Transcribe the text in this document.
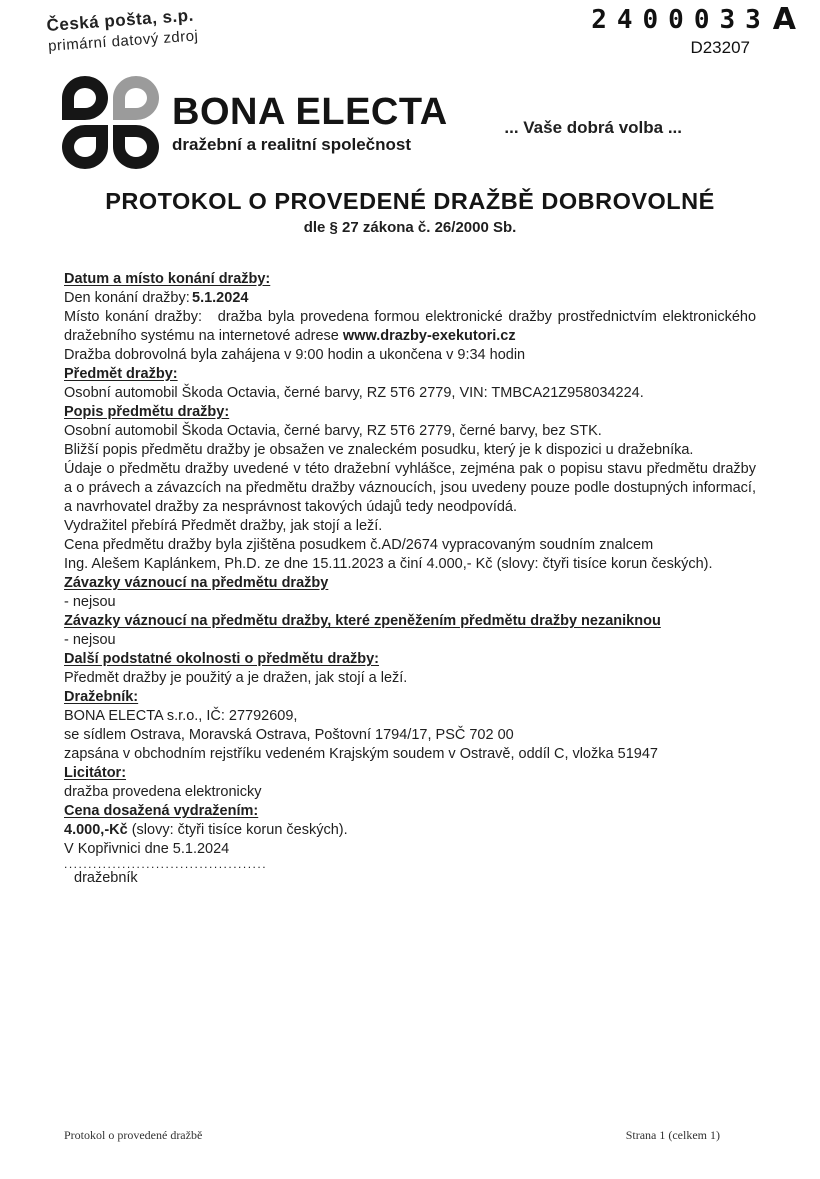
Česká pošta, s.p.
primární datový zdroj
2400033 A
D23207
BONA ELECTA
dražební a realitní společnost
... Vaše dobrá volba ...
PROTOKOL O PROVEDENÉ DRAŽBĚ DOBROVOLNÉ
dle § 27 zákona č. 26/2000 Sb.
Datum a místo konání dražby:
Den konání dražby: 5.1.2024

Místo konání dražby: dražba byla provedena formou elektronické dražby prostřednictvím elektronického dražebního systému na internetové adrese www.drazby-exekutori.cz

Dražba dobrovolná byla zahájena v 9:00 hodin a ukončena v 9:34 hodin
Předmět dražby:
Osobní automobil Škoda Octavia, černé barvy, RZ 5T6 2779, VIN: TMBCA21Z958034224.
Popis předmětu dražby:
Osobní automobil Škoda Octavia, černé barvy, RZ 5T6 2779, černé barvy, bez STK.
Bližší popis předmětu dražby je obsažen ve znaleckém posudku, který je k dispozici u dražebníka.

Údaje o předmětu dražby uvedené v této dražební vyhlášce, zejména pak o popisu stavu předmětu dražby a o právech a závazcích na předmětu dražby váznoucích, jsou uvedeny pouze podle dostupných informací, a navrhovatel dražby za nesprávnost takových údajů tedy neodpovídá.

Vydražitel přebírá Předmět dražby, jak stojí a leží.
Cena předmětu dražby byla zjištěna posudkem č.AD/2674 vypracovaným soudním znalcem
Ing. Alešem Kaplánkem, Ph.D. ze dne 15.11.2023 a činí 4.000,- Kč (slovy: čtyři tisíce korun českých).
Závazky váznoucí na předmětu dražby
- nejsou
Závazky váznoucí na předmětu dražby, které zpeněžením předmětu dražby nezaniknou
- nejsou
Další podstatné okolnosti o předmětu dražby:
Předmět dražby je použitý a je dražen, jak stojí a leží.
Dražebník:
BONA ELECTA s.r.o., IČ: 27792609,
se sídlem Ostrava, Moravská Ostrava, Poštovní 1794/17, PSČ 702 00
zapsána v obchodním rejstříku vedeném Krajským soudem v Ostravě, oddíl C, vložka 51947
Licitátor:
dražba provedena elektronicky
Cena dosažená vydražením:
4.000,-Kč (slovy: čtyři tisíce korun českých).
V Kopřivnici dne 5.1.2024
..........................................
dražebník
Protokol o provedené dražbě	Strana 1 (celkem 1)
